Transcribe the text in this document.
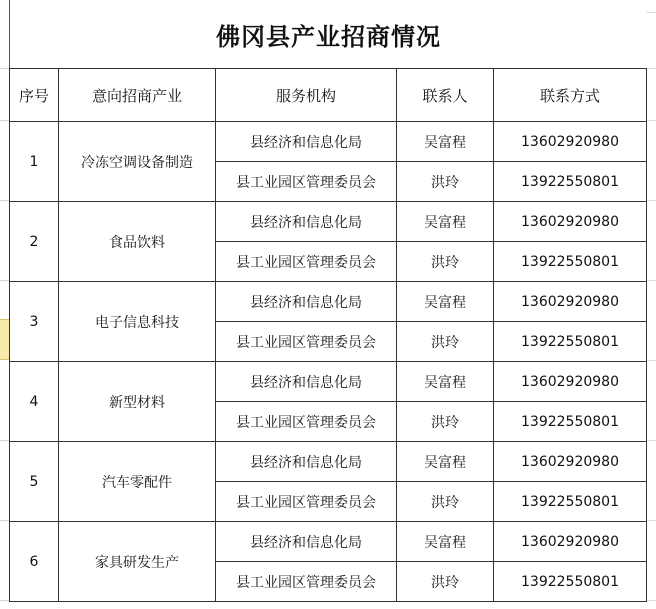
佛冈县产业招商情况
序号	意向招商产业	服务机构	联系人	联系方式
1	冷冻空调设备制造	县经济和信息化局	吴富程	13602920980
		县工业园区管理委员会	洪玲	13922550801
2	食品饮料	县经济和信息化局	吴富程	13602920980
		县工业园区管理委员会	洪玲	13922550801
3	电子信息科技	县经济和信息化局	吴富程	13602920980
		县工业园区管理委员会	洪玲	13922550801
4	新型材料	县经济和信息化局	吴富程	13602920980
		县工业园区管理委员会	洪玲	13922550801
5	汽车零配件	县经济和信息化局	吴富程	13602920980
		县工业园区管理委员会	洪玲	13922550801
6	家具研发生产	县经济和信息化局	吴富程	13602920980
		县工业园区管理委员会	洪玲	13922550801
